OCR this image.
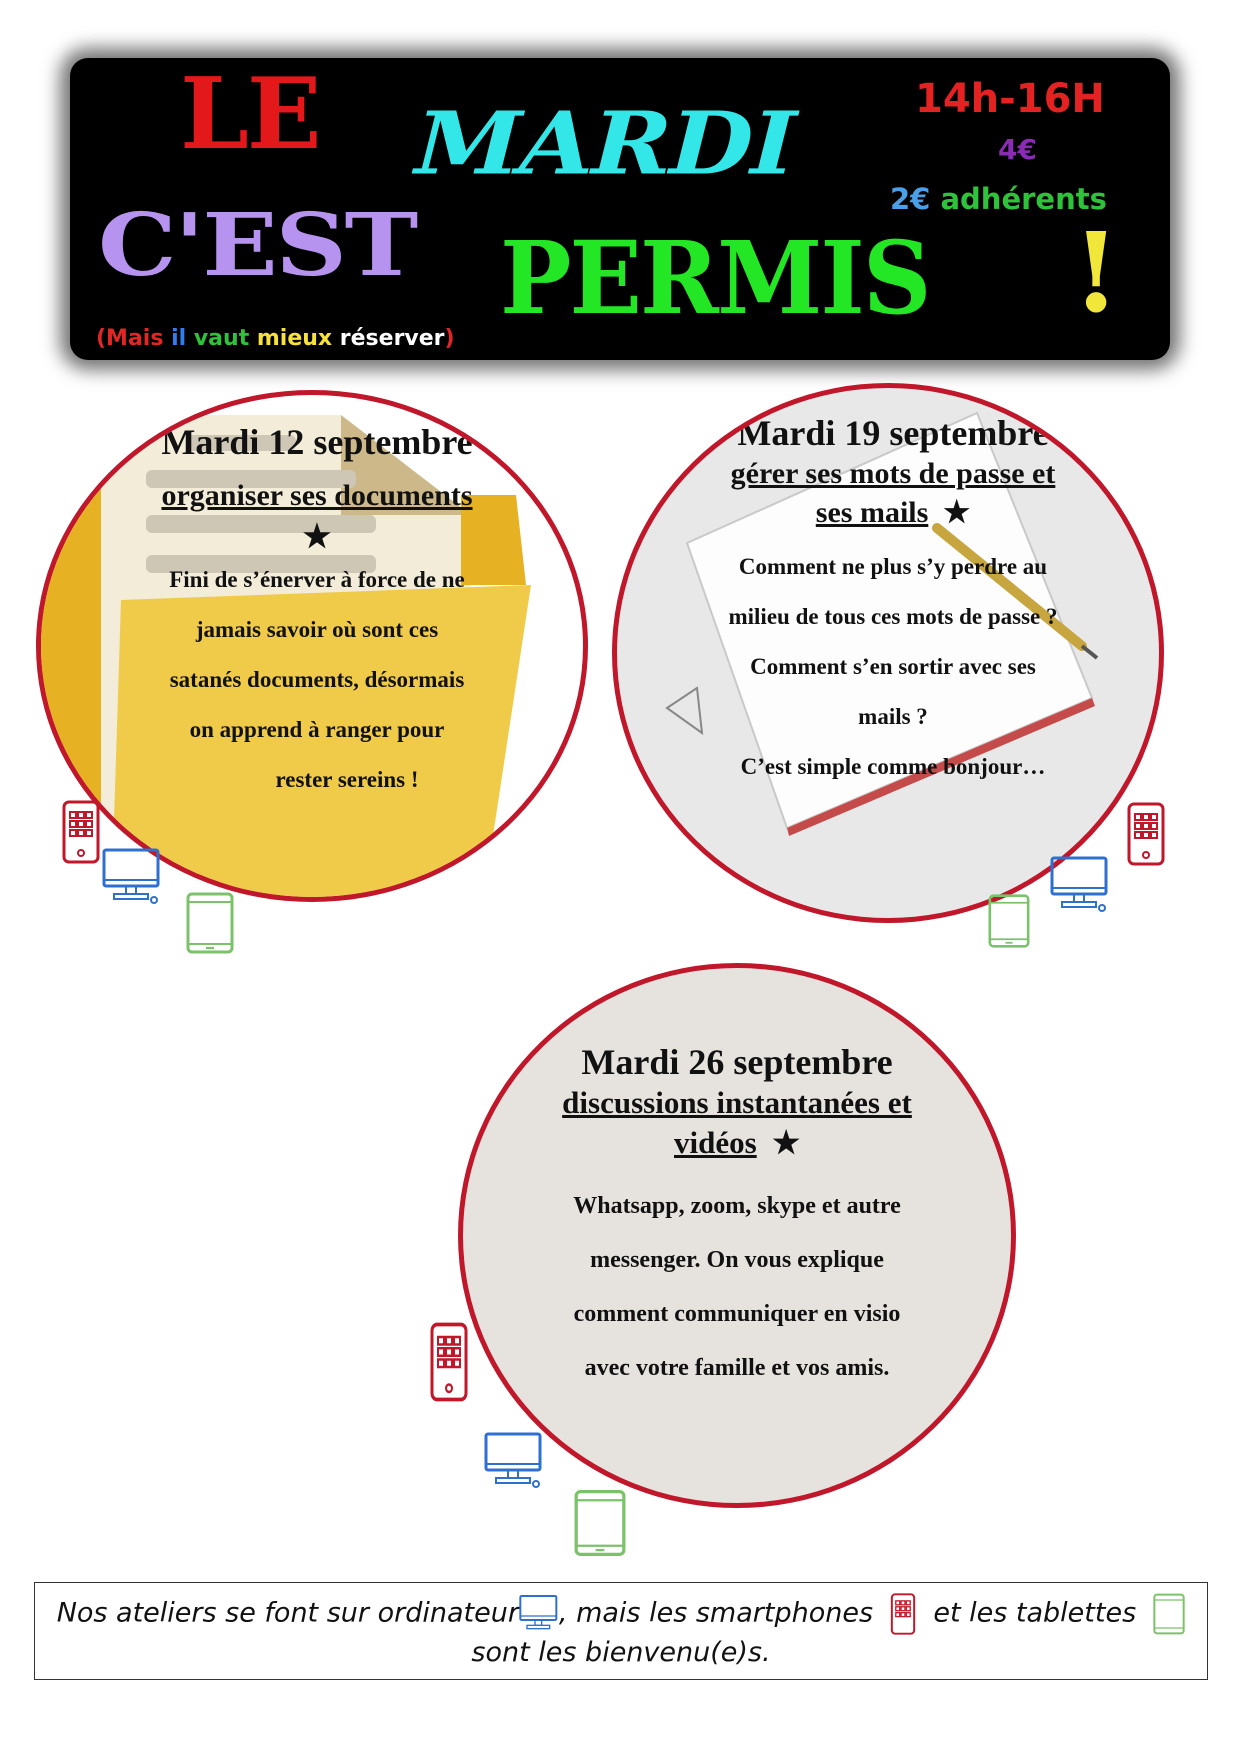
LE MARDI
C'EST PERMIS !
14h-16H
4€
2€ adhérents
(Mais il vaut mieux réserver)
Mardi 12 septembre
organiser ses documents
★
Fini de s’énerver à force de ne
jamais savoir où sont ces
satanés documents, désormais
on apprend à ranger pour
rester sereins !
Mardi 19 septembre
gérer ses mots de passe et
ses mails ★
Comment ne plus s’y perdre au
milieu de tous ces mots de passe ?
Comment s’en sortir avec ses
mails ?
C’est simple comme bonjour…
Mardi 26 septembre
discussions instantanées et
vidéos ★
Whatsapp, zoom, skype et autre
messenger. On vous explique
comment communiquer en visio
avec votre famille et vos amis.
Nos ateliers se font sur ordinateur , mais les smartphones et les tablettes
sont les bienvenu(e)s.
